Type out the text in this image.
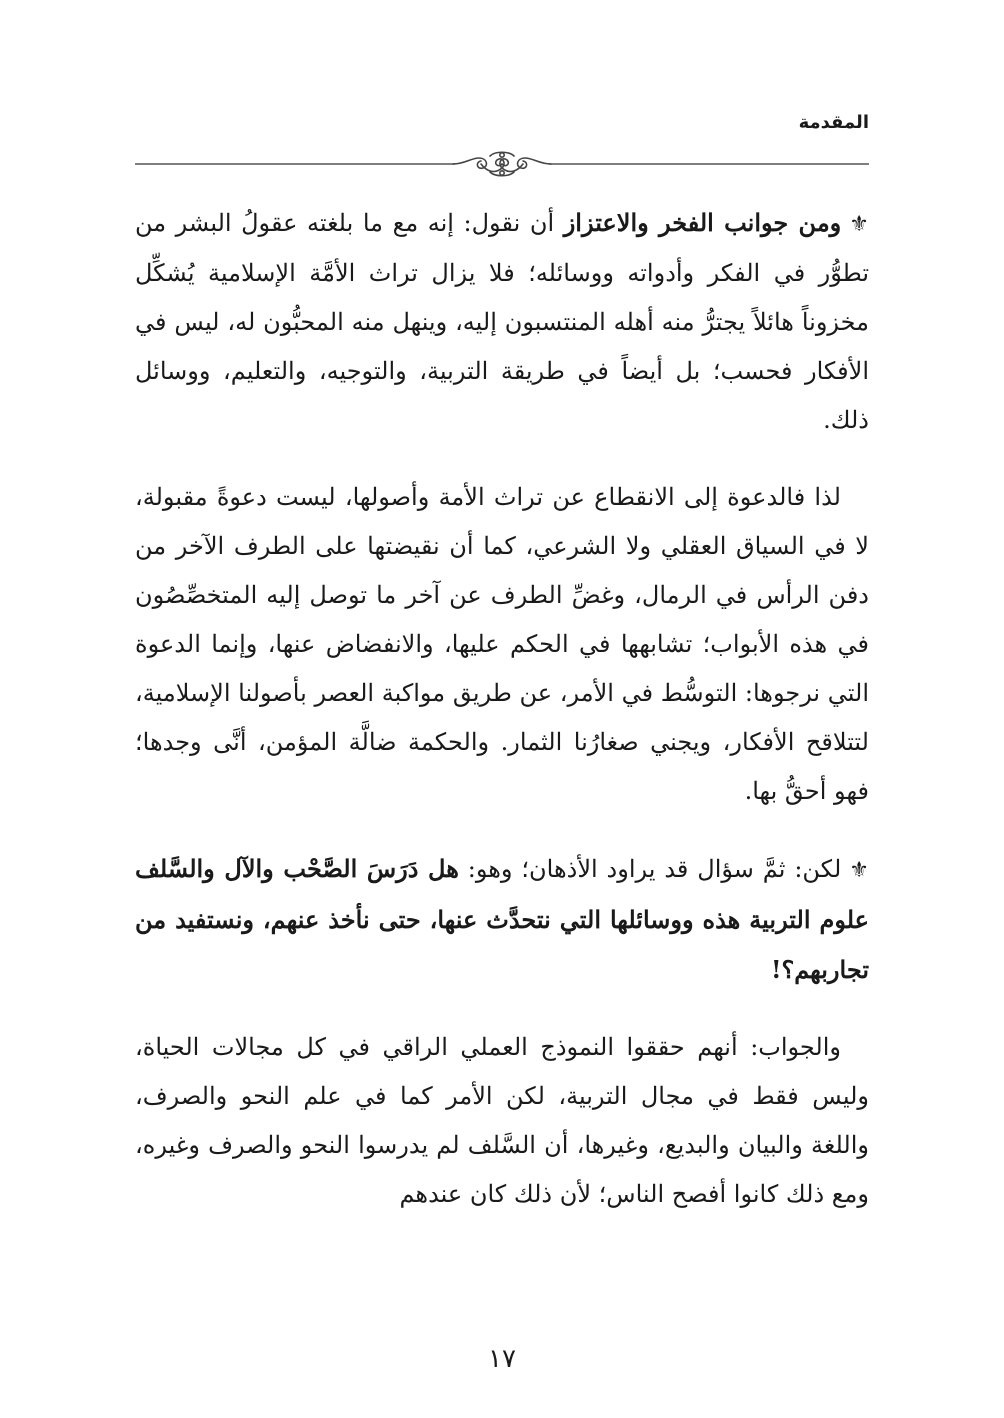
المقدمة

⚜ومن جوانب الفخر والاعتزاز أن نقول: إنه مع ما بلغته عقولُ البشر من تطوُّر في الفكر وأدواته ووسائله؛ فلا يزال تراث الأمَّة الإسلامية يُشكِّل مخزوناً هائلاً يجترُّ منه أهله المنتسبون إليه، وينهل منه المحبُّون له، ليس في الأفكار فحسب؛ بل أيضاً في طريقة التربية، والتوجيه، والتعليم، ووسائل ذلك.

لذا فالدعوة إلى الانقطاع عن تراث الأمة وأصولها، ليست دعوةً مقبولة، لا في السياق العقلي ولا الشرعي، كما أن نقيضتها على الطرف الآخر من دفن الرأس في الرمال، وغضِّ الطرف عن آخر ما توصل إليه المتخصِّصُون في هذه الأبواب؛ تشابهها في الحكم عليها، والانفضاض عنها، وإنما الدعوة التي نرجوها: التوسُّط في الأمر، عن طريق مواكبة العصر بأصولنا الإسلامية، لتتلاقح الأفكار، ويجني صغارُنا الثمار. والحكمة ضالَّة المؤمن، أنَّى وجدها؛ فهو أحقُّ بها.

⚜لكن: ثمَّ سؤال قد يراود الأذهان؛ وهو: هل دَرَسَ الصَّحْب والآل والسَّلف علوم التربية هذه ووسائلها التي نتحدَّث عنها، حتى نأخذ عنهم، ونستفيد من تجاربهم؟!

والجواب: أنهم حققوا النموذج العملي الراقي في كل مجالات الحياة، وليس فقط في مجال التربية، لكن الأمر كما في علم النحو والصرف، واللغة والبيان والبديع، وغيرها، أن السَّلف لم يدرسوا النحو والصرف وغيره، ومع ذلك كانوا أفصح الناس؛ لأن ذلك كان عندهم

١٧
